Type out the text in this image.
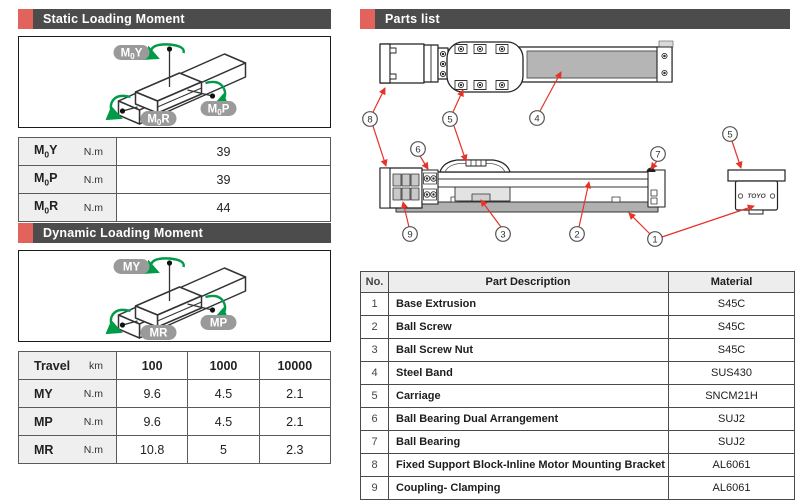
Static Loading Moment
$M_0Y$
$M_0P$
$M_0R$
$M_0Y$ N.m	39

$M_0P$ N.m	39

$M_0R$ N.m	44
Dynamic Loading Moment
MY
MP
MR
Travel km	100	1000	10000

MY N.m	9.6	4.5	2.1

MP N.m	9.6	4.5	2.1

MR N.m	10.8	5	2.3
Parts list
TOYO
8	5	4
6	7
5
9	3	2	1
No.	Part Description	Material
1	Base Extrusion	S45C
2	Ball Screw	S45C
3	Ball Screw Nut	S45C
4	Steel Band	SUS430
5	Carriage	SNCM21H
6	Ball Bearing Dual Arrangement	SUJ2
7	Ball Bearing	SUJ2
8	Fixed Support Block-Inline Motor Mounting Bracket	AL6061
9	Coupling- Clamping	AL6061
